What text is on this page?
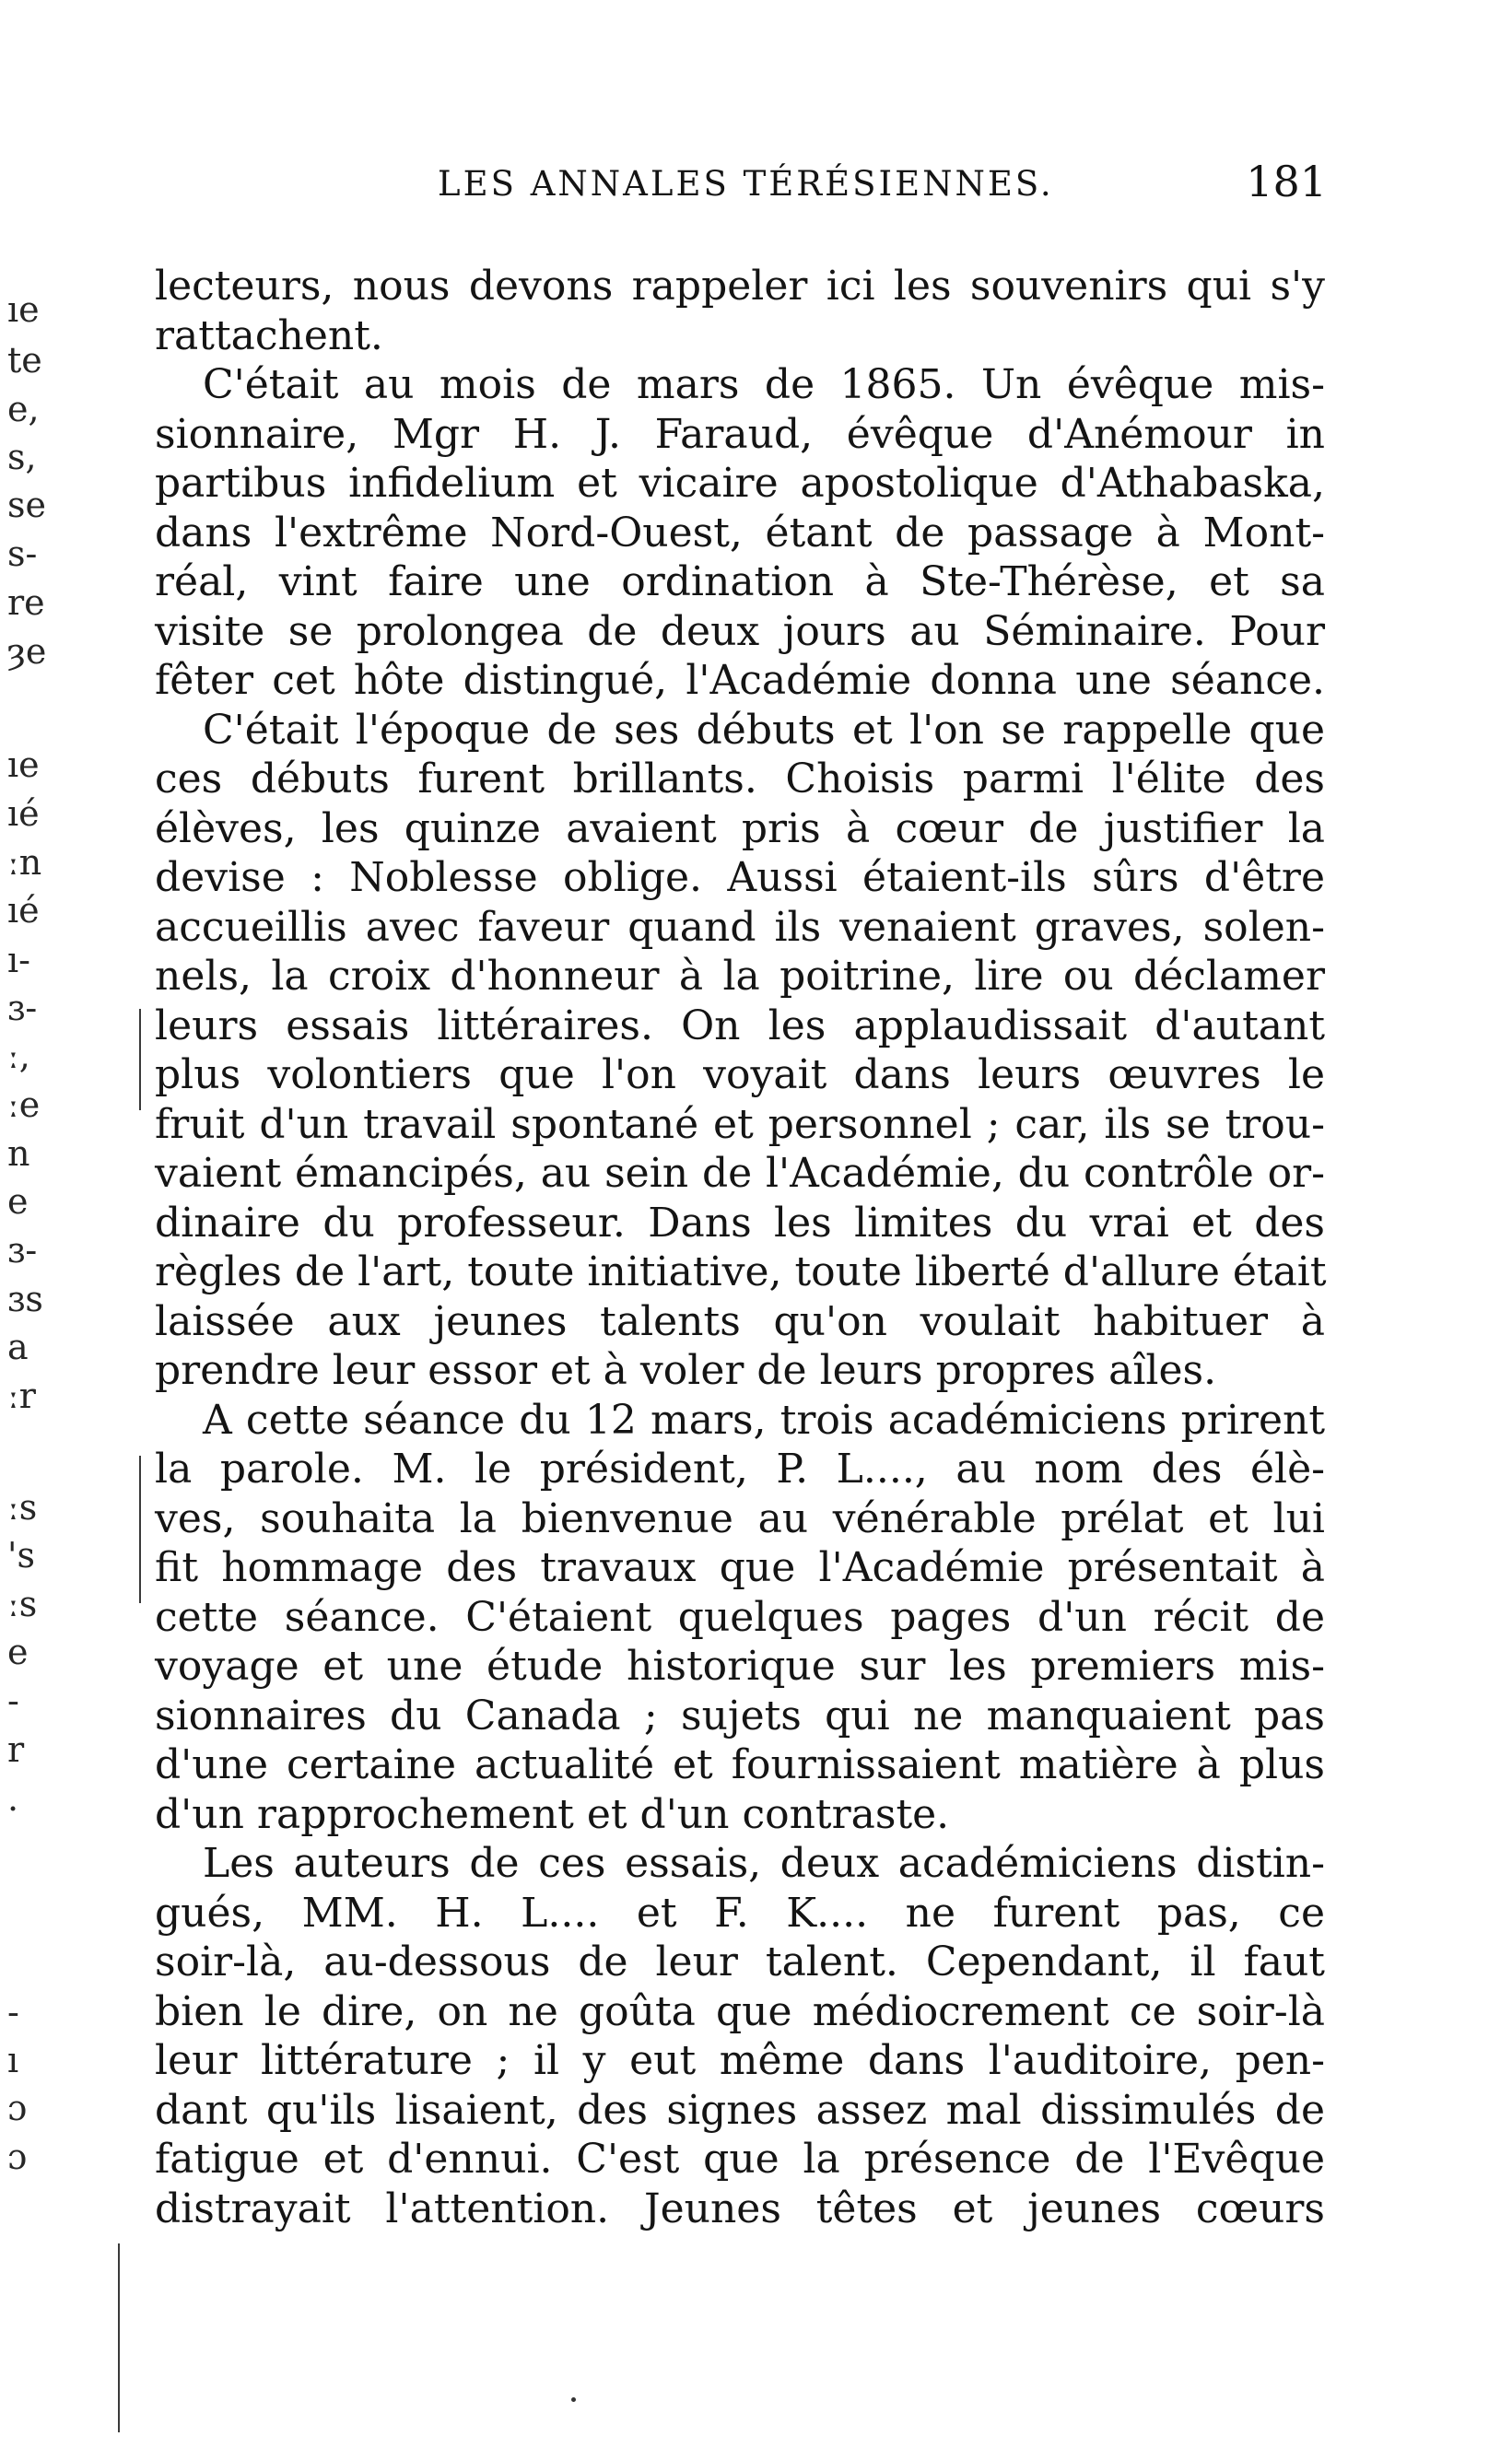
LES ANNALES TÉRÉSIENNES.	181
ıe
te
e,
s,
se
s-
re
ȝe
ıe
ıé
ːn
ıé
ı-
ɜ-
ː,
ːe
n
e
ɜ-
ɜs
a
ːr
ːs
's
ːs
e
-
r
.
-
ı
ɔ
ɔ
lecteurs, nous devons rappeler ici les souvenirs qui s'y
rattachent.
C'était au mois de mars de 1865. Un évêque mis-
sionnaire, Mgr H. J. Faraud, évêque d'Anémour in
partibus infidelium et vicaire apostolique d'Athabaska,
dans l'extrême Nord-Ouest, étant de passage à Mont-
réal, vint faire une ordination à Ste-Thérèse, et sa
visite se prolongea de deux jours au Séminaire. Pour
fêter cet hôte distingué, l'Académie donna une séance.
C'était l'époque de ses débuts et l'on se rappelle que
ces débuts furent brillants. Choisis parmi l'élite des
élèves, les quinze avaient pris à cœur de justifier la
devise : Noblesse oblige. Aussi étaient-ils sûrs d'être
accueillis avec faveur quand ils venaient graves, solen-
nels, la croix d'honneur à la poitrine, lire ou déclamer
leurs essais littéraires. On les applaudissait d'autant
plus volontiers que l'on voyait dans leurs œuvres le
fruit d'un travail spontané et personnel ; car, ils se trou-
vaient émancipés, au sein de l'Académie, du contrôle or-
dinaire du professeur. Dans les limites du vrai et des
règles de l'art, toute initiative, toute liberté d'allure était
laissée aux jeunes talents qu'on voulait habituer à
prendre leur essor et à voler de leurs propres aîles.
A cette séance du 12 mars, trois académiciens prirent
la parole. M. le président, P. L...., au nom des élè-
ves, souhaita la bienvenue au vénérable prélat et lui
fit hommage des travaux que l'Académie présentait à
cette séance. C'étaient quelques pages d'un récit de
voyage et une étude historique sur les premiers mis-
sionnaires du Canada ; sujets qui ne manquaient pas
d'une certaine actualité et fournissaient matière à plus
d'un rapprochement et d'un contraste.
Les auteurs de ces essais, deux académiciens distin-
gués, MM. H. L.... et F. K.... ne furent pas, ce
soir-là, au-dessous de leur talent. Cependant, il faut
bien le dire, on ne goûta que médiocrement ce soir-là
leur littérature ; il y eut même dans l'auditoire, pen-
dant qu'ils lisaient, des signes assez mal dissimulés de
fatigue et d'ennui. C'est que la présence de l'Evêque
distrayait l'attention. Jeunes têtes et jeunes cœurs
